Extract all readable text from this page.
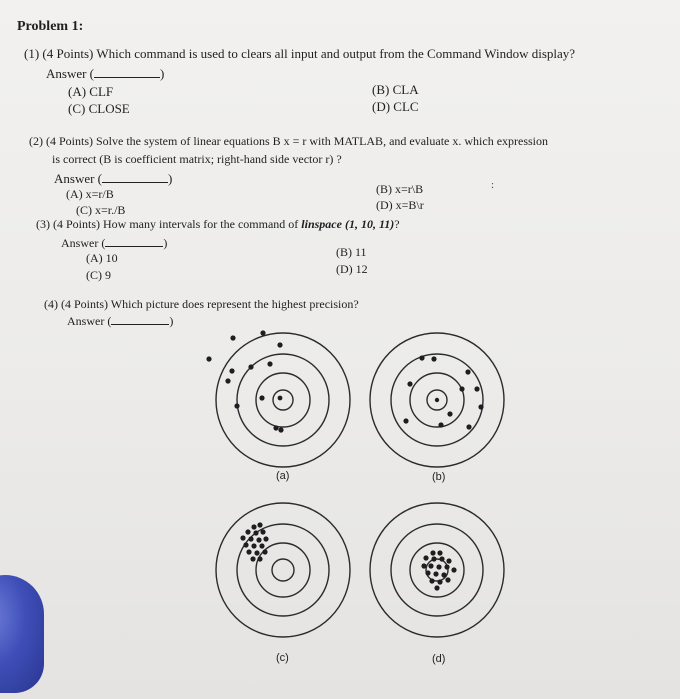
Problem 1:
(1) (4 Points) Which command is used to clears all input and output from the Command Window display?
Answer (	)
(A) CLF	(B) CLA
(C) CLOSE	(D) CLC
(2) (4 Points) Solve the system of linear equations B x = r with MATLAB, and evaluate x. which expression
is correct (B is coefficient matrix; right-hand side vector r) ?
Answer (	)
(A) x=r/B	(B) x=r\B
(C) x=r./B	(D) x=B\r
(3) (4 Points) How many intervals for the command of linspace (1, 10, 11)?
Answer (	)
(A) 10	(B) 11
(C) 9	(D) 12
(4) (4 Points) Which picture does represent the highest precision?
Answer (	)
:
(a)	(b)
(c)	(d)
